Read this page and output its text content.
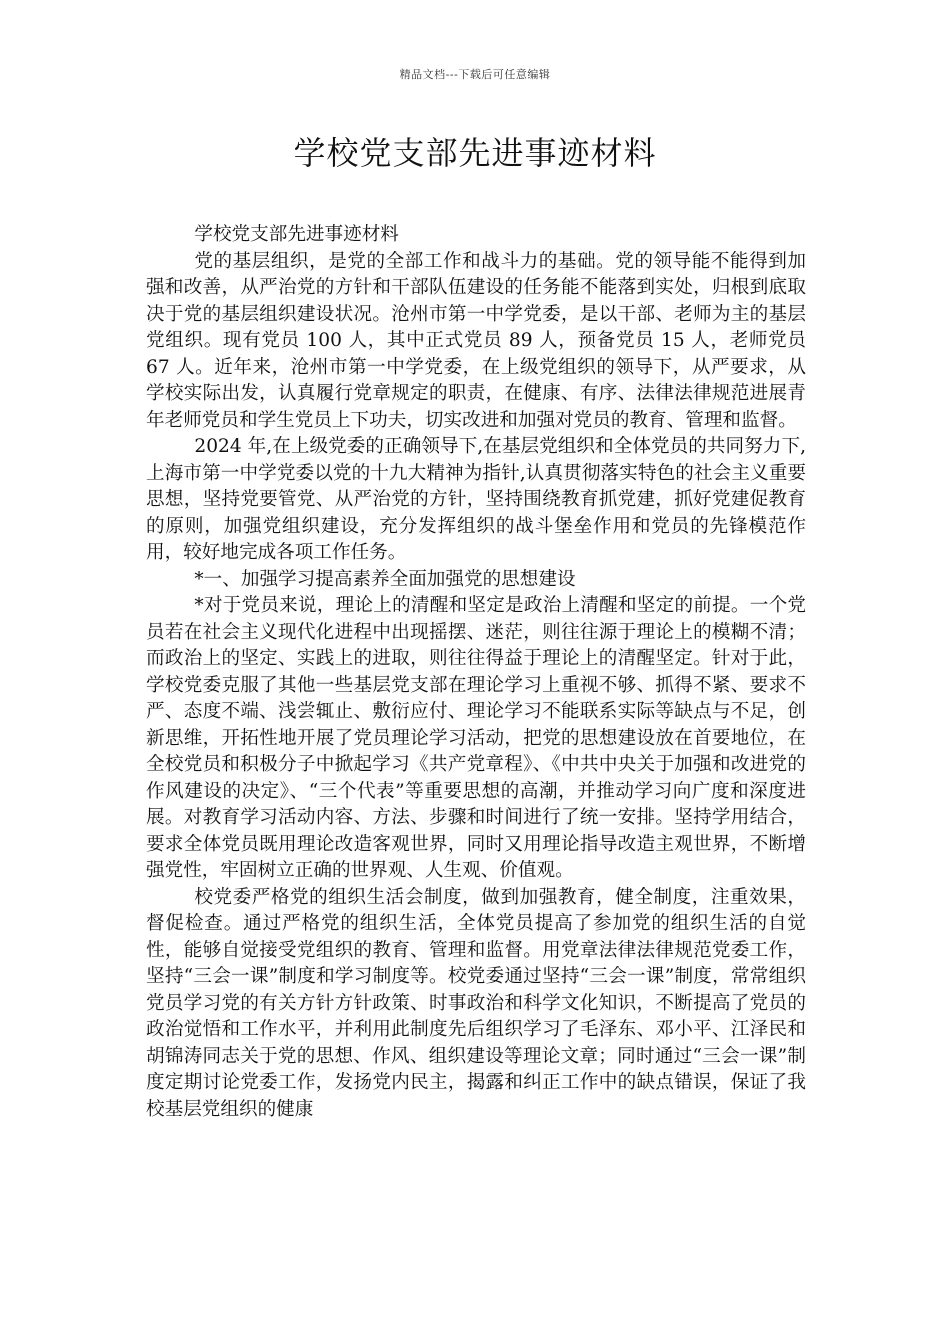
精品文档---下载后可任意编辑
学校党支部先进事迹材料

学校党支部先进事迹材料

党的基层组织，是党的全部工作和战斗力的基础。党的领导能不能得到加强和改善，从严治党的方针和干部队伍建设的任务能不能落到实处，归根到底取决于党的基层组织建设状况。沧州市第一中学党委，是以干部、老师为主的基层党组织。现有党员 100 人，其中正式党员 89 人，预备党员 15 人，老师党员 67 人。近年来，沧州市第一中学党委，在上级党组织的领导下，从严要求，从学校实际出发，认真履行党章规定的职责，在健康、有序、法律法律规范进展青年老师党员和学生党员上下功夫，切实改进和加强对党员的教育、管理和监督。

2024 年,在上级党委的正确领导下,在基层党组织和全体党员的共同努力下,上海市第一中学党委以党的十九大精神为指针,认真贯彻落实特色的社会主义重要思想，坚持党要管党、从严治党的方针，坚持围绕教育抓党建，抓好党建促教育的原则，加强党组织建设，充分发挥组织的战斗堡垒作用和党员的先锋模范作用，较好地完成各项工作任务。

*一、加强学习提高素养全面加强党的思想建设

*对于党员来说，理论上的清醒和坚定是政治上清醒和坚定的前提。一个党员若在社会主义现代化进程中出现摇摆、迷茫，则往往源于理论上的模糊不清；而政治上的坚定、实践上的进取，则往往得益于理论上的清醒坚定。针对于此，学校党委克服了其他一些基层党支部在理论学习上重视不够、抓得不紧、要求不严、态度不端、浅尝辄止、敷衍应付、理论学习不能联系实际等缺点与不足，创新思维，开拓性地开展了党员理论学习活动，把党的思想建设放在首要地位，在全校党员和积极分子中掀起学习《共产党章程》、《中共中央关于加强和改进党的作风建设的决定》、“三个代表”等重要思想的高潮，并推动学习向广度和深度进展。对教育学习活动内容、方法、步骤和时间进行了统一安排。坚持学用结合，要求全体党员既用理论改造客观世界，同时又用理论指导改造主观世界，不断增强党性，牢固树立正确的世界观、人生观、价值观。

校党委严格党的组织生活会制度，做到加强教育，健全制度，注重效果，督促检查。通过严格党的组织生活，全体党员提高了参加党的组织生活的自觉性，能够自觉接受党组织的教育、管理和监督。用党章法律法律规范党委工作，坚持“三会一课”制度和学习制度等。校党委通过坚持“三会一课”制度，常常组织党员学习党的有关方针方针政策、时事政治和科学文化知识，不断提高了党员的政治觉悟和工作水平，并利用此制度先后组织学习了毛泽东、邓小平、江泽民和胡锦涛同志关于党的思想、作风、组织建设等理论文章；同时通过“三会一课”制度定期讨论党委工作，发扬党内民主，揭露和纠正工作中的缺点错误，保证了我校基层党组织的健康
